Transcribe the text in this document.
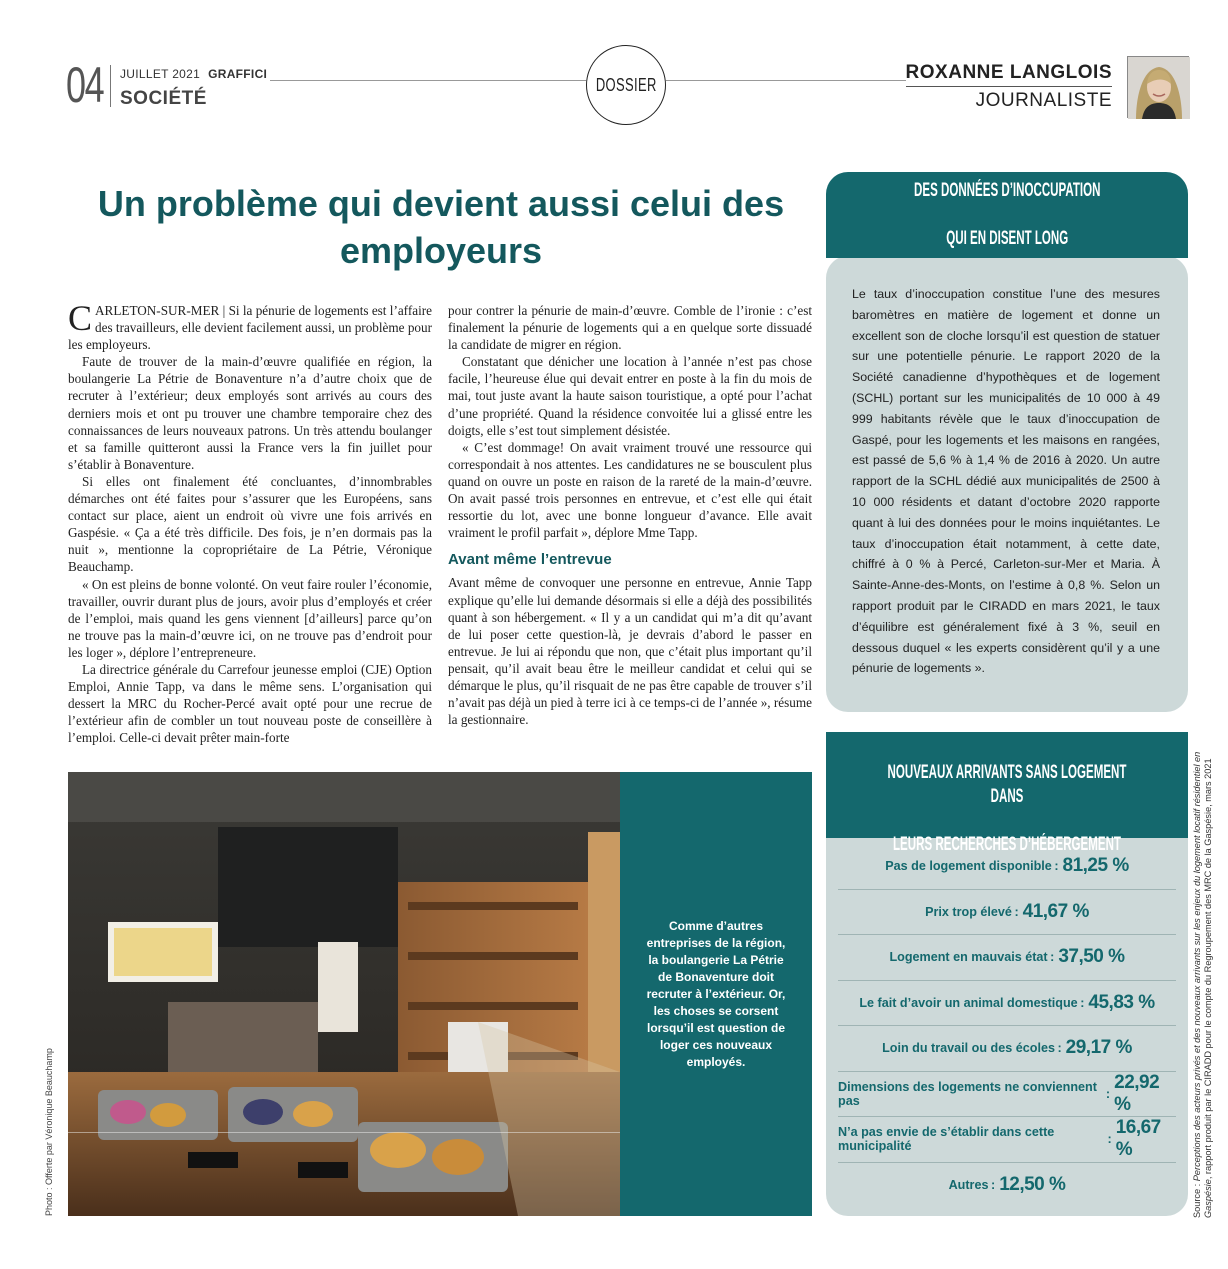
04 JUILLET 2021 GRAFFICI
SOCIÉTÉ
DOSSIER
ROXANNE LANGLOIS
JOURNALISTE
Un problème qui devient aussi celui des employeurs

CARLETON-SUR-MER | Si la pénurie de logements est l’affaire des travailleurs, elle devient facilement aussi, un problème pour les employeurs.

Faute de trouver de la main-d’œuvre qualifiée en région, la boulangerie La Pétrie de Bonaventure n’a d’autre choix que de recruter à l’extérieur; deux employés sont arrivés au cours des derniers mois et ont pu trouver une chambre temporaire chez des connaissances de leurs nouveaux patrons. Un très attendu boulanger et sa famille quitteront aussi la France vers la fin juillet pour s’établir à Bonaventure.

Si elles ont finalement été concluantes, d’innombrables démarches ont été faites pour s’assurer que les Européens, sans contact sur place, aient un endroit où vivre une fois arrivés en Gaspésie. « Ça a été très difficile. Des fois, je n’en dormais pas la nuit », mentionne la copropriétaire de La Pétrie, Véronique Beauchamp.

« On est pleins de bonne volonté. On veut faire rouler l’économie, travailler, ouvrir durant plus de jours, avoir plus d’employés et créer de l’emploi, mais quand les gens viennent [d’ailleurs] parce qu’on ne trouve pas la main-d’œuvre ici, on ne trouve pas d’endroit pour les loger », déplore l’entrepreneure.

La directrice générale du Carrefour jeunesse emploi (CJE) Option Emploi, Annie Tapp, va dans le même sens. L’organisation qui dessert la MRC du Rocher-Percé avait opté pour une recrue de l’extérieur afin de combler un tout nouveau poste de conseillère à l’emploi. Celle-ci devait prêter main-forte

pour contrer la pénurie de main-d’œuvre. Comble de l’ironie : c’est finalement la pénurie de logements qui a en quelque sorte dissuadé la candidate de migrer en région.

Constatant que dénicher une location à l’année n’est pas chose facile, l’heureuse élue qui devait entrer en poste à la fin du mois de mai, tout juste avant la haute saison touristique, a opté pour l’achat d’une propriété. Quand la résidence convoitée lui a glissé entre les doigts, elle s’est tout simplement désistée.

« C’est dommage! On avait vraiment trouvé une ressource qui correspondait à nos attentes. Les candidatures ne se bousculent plus quand on ouvre un poste en raison de la rareté de la main-d’œuvre. On avait passé trois personnes en entrevue, et c’est elle qui était ressortie du lot, avec une bonne longueur d’avance. Elle avait vraiment le profil parfait », déplore Mme Tapp.

Avant même l’entrevue

Avant même de convoquer une personne en entrevue, Annie Tapp explique qu’elle lui demande désormais si elle a déjà des possibilités quant à son hébergement. « Il y a un candidat qui m’a dit qu’avant de lui poser cette question-là, je devrais d’abord le passer en entrevue. Je lui ai répondu que non, que c’était plus important qu’il pensait, qu’il avait beau être le meilleur candidat et celui qui se démarque le plus, qu’il risquait de ne pas être capable de trouver s’il n’avait pas déjà un pied à terre ici à ce temps-ci de l’année », résume la gestionnaire.

Comme d’autres entreprises de la région, la boulangerie La Pétrie de Bonaventure doit recruter à l’extérieur. Or, les choses se corsent lorsqu’il est question de loger ces nouveaux employés.

Photo : Offerte par Véronique Beauchamp
DES DONNÉES D’INOCCUPATION

QUI EN DISENT LONG
Le taux d’inoccupation constitue l’une des mesures baromètres en matière de logement et donne un excellent son de cloche lorsqu’il est question de statuer sur une potentielle pénurie. Le rapport 2020 de la Société canadienne d’hypothèques et de logement (SCHL) portant sur les municipalités de 10 000 à 49 999 habitants révèle que le taux d’inoccupation de Gaspé, pour les logements et les maisons en rangées, est passé de 5,6 % à 1,4 % de 2016 à 2020. Un autre rapport de la SCHL dédié aux municipalités de 2500 à 10 000 résidents et datant d’octobre 2020 rapporte quant à lui des données pour le moins inquiétantes. Le taux d’inoccupation était notamment, à cette date, chiffré à 0 % à Percé, Carleton-sur-Mer et Maria. À Sainte-Anne-des-Monts, on l’estime à 0,8 %. Selon un rapport produit par le CIRADD en mars 2021, le taux d’équilibre est généralement fixé à 3 %, seuil en dessous duquel « les experts considèrent qu’il y a une pénurie de logements ».
LES OBSTACLES RENCONTRÉS PAR LES

NOUVEAUX ARRIVANTS SANS LOGEMENT DANS

LEURS RECHERCHES D’HÉBERGEMENT
Pas de logement disponible  : 81,25 %
Prix trop élevé  : 41,67 %
Logement en mauvais état  : 37,50 %
Le fait d’avoir un animal domestique  : 45,83 %
Loin du travail ou des écoles  : 29,17 %
Dimensions des logements ne conviennent pas	 :
22,92 %
N’a pas envie de s’établir dans cette municipalité	 :
16,67 %
Autres  : 12,50 %	Source : Perceptions des acteurs privés et des nouveaux arrivants sur les enjeux du logement locatif résidentiel en Gaspésie, rapport produit par le CIRADD pour le compte du Regroupement des MRC de la Gaspésie, mars 2021
